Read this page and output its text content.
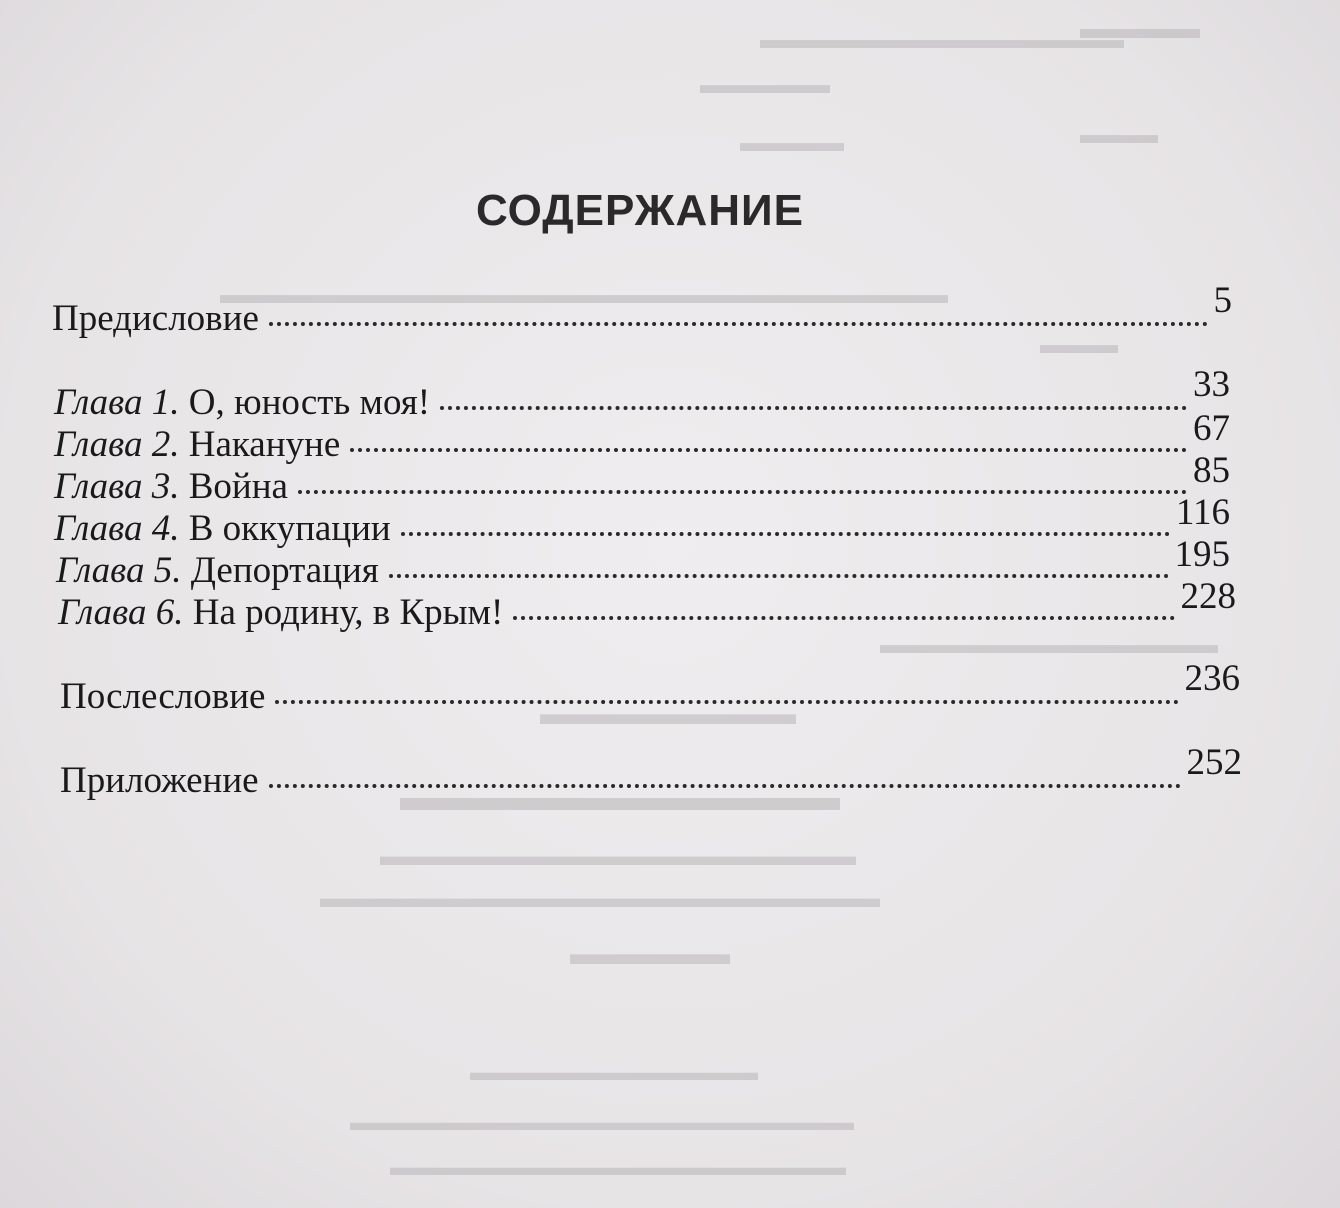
▬▬▬▬
▬▬▬▬▬▬▬▬▬▬▬▬▬▬
▬▬▬▬▬
▬▬▬
▬▬▬▬
▬▬▬▬▬▬▬▬▬▬▬▬▬▬▬▬▬▬▬▬▬▬▬▬▬▬▬▬
▬▬▬
▬▬▬▬▬▬▬▬▬▬▬▬▬
▬▬▬▬▬▬▬▬
▬▬▬▬▬▬▬▬▬▬▬
▬▬▬▬▬▬▬▬▬▬▬▬▬▬▬▬▬
▬▬▬▬▬▬▬▬▬▬▬▬▬▬▬▬▬▬▬▬
▬▬▬▬▬
▬▬▬▬▬▬▬▬▬▬▬▬
▬▬▬▬▬▬▬▬▬▬▬▬▬▬▬▬▬▬▬▬▬
▬▬▬▬▬▬▬▬▬▬▬▬▬▬▬▬▬▬▬
СОДЕРЖАНИЕ
Предисловие	5
Глава 1. О, юность моя!	33
Глава 2. Накануне	67
Глава 3. Война	85
Глава 4. В оккупации	116
Глава 5. Депортация	195
Глава 6. На родину, в Крым!	228
Послесловие	236
Приложение	252
